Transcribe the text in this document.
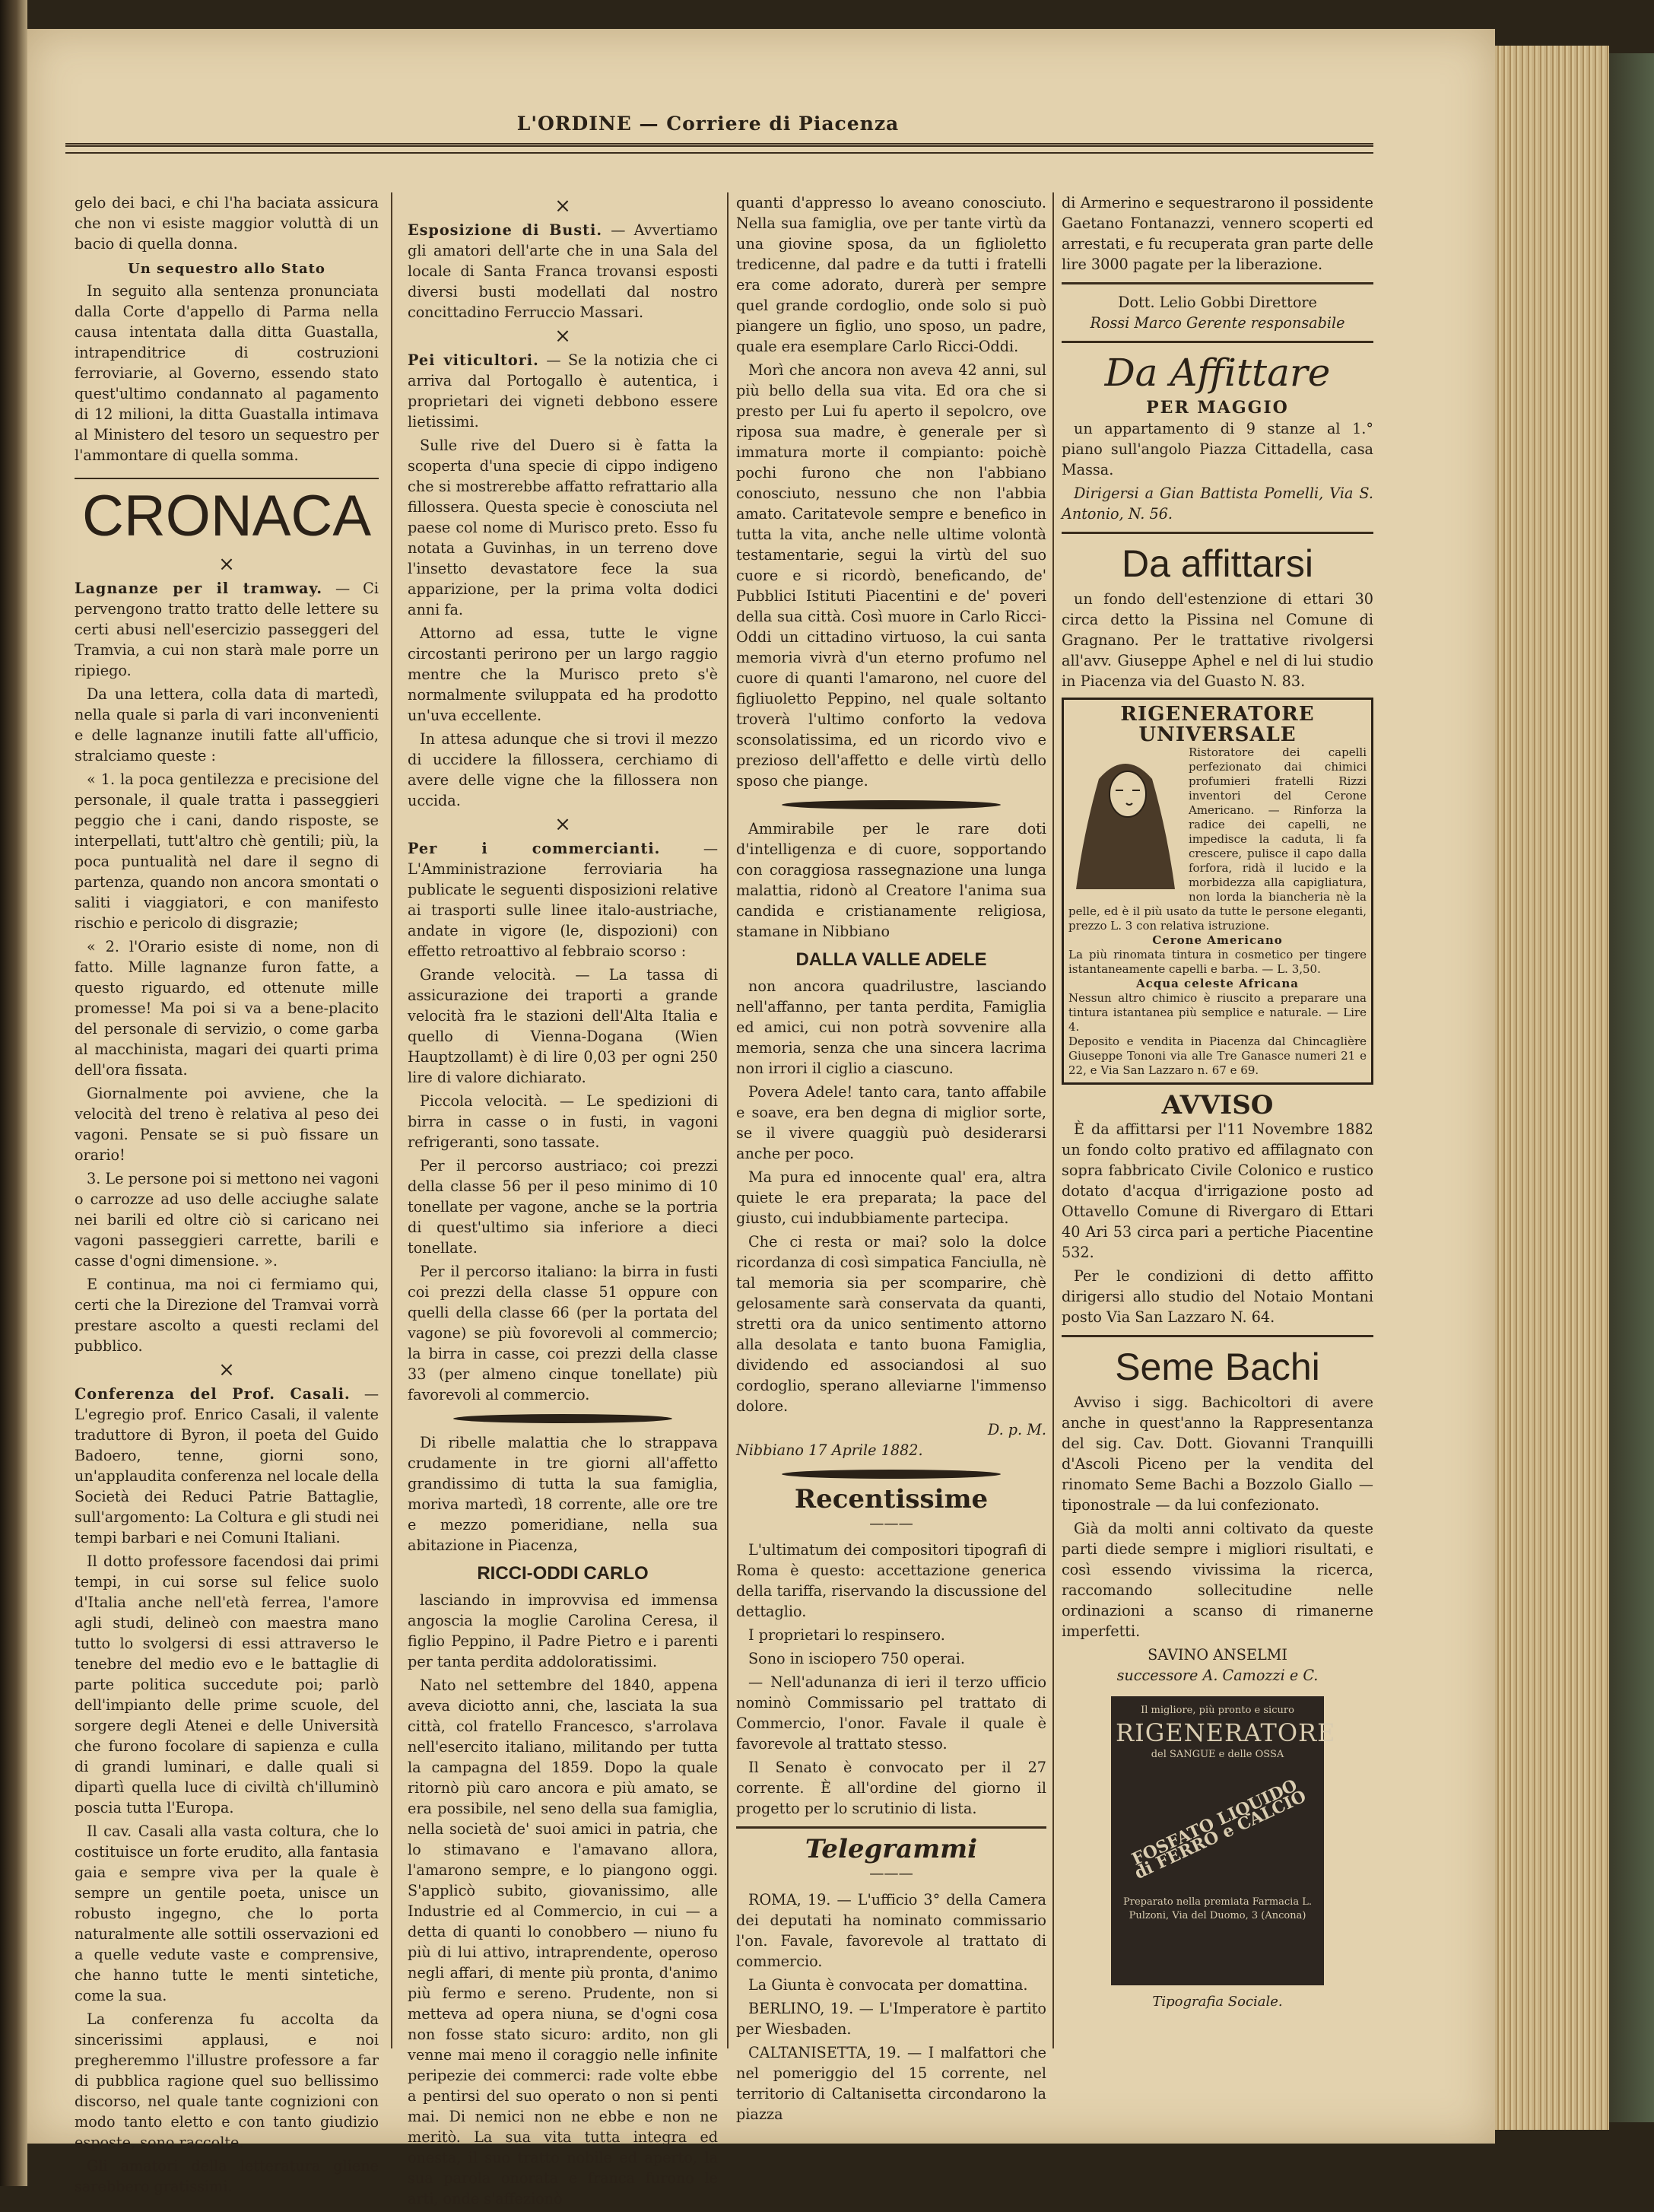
L'ORDINE — Corriere di Piacenza

gelo dei baci, e chi l'ha baciata assicura che non vi esiste maggior voluttà di un bacio di quella donna.

Un sequestro allo Stato

In seguito alla sentenza pronunciata dalla Corte d'appello di Parma nella causa intentata dalla ditta Guastalla, intrapenditrice di costruzioni ferroviarie, al Governo, essendo stato quest'ultimo condannato al pagamento di 12 milioni, la ditta Guastalla intimava al Ministero del tesoro un sequestro per l'ammontare di quella somma.

CRONACA
×

Lagnanze per il tramway. — Ci pervengono tratto tratto delle lettere su certi abusi nell'esercizio passeggeri del Tramvia, a cui non starà male porre un ripiego.

Da una lettera, colla data di martedì, nella quale si parla di vari inconvenienti e delle lagnanze inutili fatte all'ufficio, stralciamo queste :

« 1. la poca gentilezza e precisione del personale, il quale tratta i passeggieri peggio che i cani, dando risposte, se interpellati, tutt'altro chè gentili; più, la poca puntualità nel dare il segno di partenza, quando non ancora smontati o saliti i viaggiatori, e con manifesto rischio e pericolo di disgrazie;

« 2. l'Orario esiste di nome, non di fatto. Mille lagnanze furon fatte, a questo riguardo, ed ottenute mille promesse! Ma poi si va a bene-placito del personale di servizio, o come garba al macchinista, magari dei quarti prima dell'ora fissata.

Giornalmente poi avviene, che la velocità del treno è relativa al peso dei vagoni. Pensate se si può fissare un orario!

3. Le persone poi si mettono nei vagoni o carrozze ad uso delle acciughe salate nei barili ed oltre ciò si caricano nei vagoni passeggieri carrette, barili e casse d'ogni dimensione. ».

E continua, ma noi ci fermiamo qui, certi che la Direzione del Tramvai vorrà prestare ascolto a questi reclami del pubblico.

×

Conferenza del Prof. Casali. — L'egregio prof. Enrico Casali, il valente traduttore di Byron, il poeta del Guido Badoero, tenne, giorni sono, un'applaudita conferenza nel locale della Società dei Reduci Patrie Battaglie, sull'argomento: La Coltura e gli studi nei tempi barbari e nei Comuni Italiani.

Il dotto professore facendosi dai primi tempi, in cui sorse sul felice suolo d'Italia anche nell'età ferrea, l'amore agli studi, delineò con maestra mano tutto lo svolgersi di essi attraverso le tenebre del medio evo e le battaglie di parte politica succedute poi; parlò dell'impianto delle prime scuole, del sorgere degli Atenei e delle Università che furono focolare di sapienza e culla di grandi luminari, e dalle quali si dipartì quella luce di civiltà ch'illuminò poscia tutta l'Europa.

Il cav. Casali alla vasta coltura, che lo costituisce un forte erudito, alla fantasia gaia e sempre viva per la quale è sempre un gentile poeta, unisce un robusto ingegno, che lo porta naturalmente alle sottili osservazioni ed a quelle vedute vaste e comprensive, che hanno tutte le menti sintetiche, come la sua.

La conferenza fu accolta da sincerissimi applausi, e noi pregheremmo l'illustre professore a far di pubblica ragione quel suo bellissimo discorso, nel quale tante cognizioni con modo tanto eletto e con tanto giudizio esposte, sono raccolte.

Gli amatori della letteratura gliene sarebbero gratissimi.

×

Esposizione di Busti. — Avvertiamo gli amatori dell'arte che in una Sala del locale di Santa Franca trovansi esposti diversi busti modellati dal nostro concittadino Ferruccio Massari.

×

Pei viticultori. — Se la notizia che ci arriva dal Portogallo è autentica, i proprietari dei vigneti debbono essere lietissimi.

Sulle rive del Duero si è fatta la scoperta d'una specie di cippo indigeno che si mostrerebbe affatto refrattario alla fillossera. Questa specie è conosciuta nel paese col nome di Murisco preto. Esso fu notata a Guvinhas, in un terreno dove l'insetto devastatore fece la sua apparizione, per la prima volta dodici anni fa.

Attorno ad essa, tutte le vigne circostanti perirono per un largo raggio mentre che la Murisco preto s'è normalmente sviluppata ed ha prodotto un'uva eccellente.

In attesa adunque che si trovi il mezzo di uccidere la fillossera, cerchiamo di avere delle vigne che la fillossera non uccida.

×

Per i commercianti.	— L'Amministrazione ferroviaria ha publicate le seguenti disposizioni relative ai trasporti sulle linee italo-austriache, andate in vigore (le, dispozioni) con effetto retroattivo al febbraio scorso :

Grande velocità. — La tassa di assicurazione dei traporti a grande velocità fra le stazioni dell'Alta Italia e quello di Vienna-Dogana (Wien Hauptzollamt) è di lire 0,03 per ogni 250 lire di valore dichiarato.

Piccola velocità. — Le spedizioni di birra in casse o in fusti, in vagoni refrigeranti, sono tassate.

Per il percorso austriaco; coi prezzi della classe 56 per il peso minimo di 10 tonellate per vagone, anche se la portria di quest'ultimo sia inferiore a dieci tonellate.

Per il percorso italiano: la birra in fusti coi prezzi della classe 51 oppure con quelli della classe 66 (per la portata del vagone) se più fovorevoli al commercio; la birra in casse, coi prezzi della classe 33 (per almeno cinque tonellate) più favorevoli al commercio.

Di ribelle malattia che lo strappava crudamente in tre giorni all'affetto grandissimo di tutta la sua famiglia, moriva martedì, 18 corrente, alle ore tre e mezzo pomeridiane, nella sua abitazione in Piacenza,

RICCI-ODDI CARLO

lasciando in improvvisa ed immensa angoscia la moglie Carolina Ceresa, il figlio Peppino, il Padre Pietro e i parenti per tanta perdita addoloratissimi.

Nato nel settembre del 1840, appena aveva diciotto anni, che, lasciata la sua città, col fratello Francesco, s'arrolava nell'esercito italiano, militando per tutta la campagna del 1859. Dopo la quale ritornò più caro ancora e più amato, se era possibile, nel seno della sua famiglia, nella società de' suoi amici in patria, che lo stimavano e l'amavano allora, l'amarono sempre, e lo piangono oggi. S'applicò subito, giovanissimo, alle Industrie ed al Commercio, in cui — a detta di quanti lo conobbero — niuno fu più di lui attivo, intraprendente, operoso negli affari, di mente più pronta, d'animo più fermo e sereno. Prudente, non si metteva ad opera niuna, se d'ogni cosa non fosse stato sicuro: ardito, non gli venne mai meno il coraggio nelle infinite peripezie dei commerci: rade volte ebbe a pentirsi del suo operato o non si penti mai. Di nemici non ne ebbe e non ne meritò. La sua vita tutta integra ed onesta, il suo tratto nobile ed aperto, la sua parola onorata e franca furono le arti, onde s'affezionò

quanti d'appresso lo aveano conosciuto. Nella sua famiglia, ove per tante virtù da una giovine sposa, da un figlioletto tredicenne, dal padre e da tutti i fratelli era come adorato, durerà per sempre quel grande cordoglio, onde solo si può piangere un figlio, uno sposo, un padre, quale era esemplare Carlo Ricci-Oddi.

Morì che ancora non aveva 42 anni, sul più bello della sua vita. Ed ora che si presto per Lui fu aperto il sepolcro, ove riposa sua madre, è generale per sì immatura morte il compianto: poichè pochi furono che non l'abbiano conosciuto, nessuno che non l'abbia amato. Caritatevole sempre e benefico in tutta la vita, anche nelle ultime volontà testamentarie, segui la virtù del suo cuore e si ricordò, beneficando, de' Pubblici Istituti Piacentini e de' poveri della sua città. Così muore in Carlo Ricci-Oddi un cittadino virtuoso, la cui santa memoria vivrà d'un eterno profumo nel cuore di quanti l'amarono, nel cuore del figliuoletto Peppino, nel quale soltanto troverà l'ultimo conforto la vedova sconsolatissima, ed un ricordo vivo e prezioso dell'affetto e delle virtù dello sposo che piange.

Ammirabile per le rare doti d'intelligenza e di cuore, sopportando con coraggiosa rassegnazione una lunga malattia, ridonò al Creatore l'anima sua candida e cristianamente religiosa, stamane in Nibbiano

DALLA VALLE ADELE

non ancora quadrilustre, lasciando nell'affanno, per tanta perdita, Famiglia ed amici, cui non potrà sovvenire alla memoria, senza che una sincera lacrima non irrori il ciglio a ciascuno.

Povera Adele! tanto cara, tanto affabile e soave, era ben degna di miglior sorte, se il vivere quaggiù può desiderarsi anche per poco.

Ma pura ed innocente qual' era, altra quiete le era preparata; la pace del giusto, cui indubbiamente partecipa.

Che ci resta or mai? solo la dolce ricordanza di così simpatica Fanciulla, nè tal memoria sia per scomparire, chè gelosamente sarà conservata da quanti, stretti ora da unico sentimento attorno alla desolata e tanto buona Famiglia, dividendo ed associandosi al suo cordoglio, sperano alleviarne l'immenso dolore.

D. p. M.
Nibbiano 17 Aprile 1882.
Recentissime
———

L'ultimatum dei compositori tipografi di Roma è questo: accettazione generica della tariffa, riservando la discussione del dettaglio.

I proprietari lo respinsero.

Sono in isciopero 750 operai.

— Nell'adunanza di ieri il terzo ufficio nominò Commissario pel trattato di Commercio, l'onor. Favale il quale è favorevole al trattato stesso.

Il Senato è convocato per il 27 corrente. È all'ordine del giorno il progetto per lo scrutinio di lista.

Telegrammi
———

ROMA, 19. — L'ufficio 3° della Camera dei deputati ha nominato commissario l'on. Favale, favorevole al trattato di commercio.

La Giunta è convocata per domattina.

BERLINO, 19. — L'Imperatore è partito per Wiesbaden.

CALTANISETTA, 19. — I malfattori che nel pomeriggio del 15 corrente, nel territorio di Caltanisetta circondarono la piazza

di Armerino e sequestrarono il possidente Gaetano Fontanazzi, vennero scoperti ed arrestati, e fu recuperata gran parte delle lire 3000 pagate per la liberazione.

Dott. Lelio Gobbi Direttore
Rossi Marco Gerente responsabile
Da Affittare
PER MAGGIO

un appartamento di 9 stanze al 1.° piano sull'angolo Piazza Cittadella, casa Massa.

Dirigersi a Gian Battista Pomelli, Via S. Antonio, N. 56.

Da affittarsi

un fondo dell'estenzione di ettari 30 circa detto la Pissina nel Comune di Gragnano. Per le trattative rivolgersi all'avv. Giuseppe Aphel e nel di lui studio in Piacenza via del Guasto N. 83.

RIGENERATORE UNIVERSALE
Ristoratore dei capelli perfezionato dai chimici profumieri fratelli Rizzi inventori del Cerone Americano. — Rinforza la radice dei capelli, ne impedisce la caduta, li fa crescere, pulisce il capo dalla forfora, ridà il lucido e la morbidezza alla capigliatura, non lorda la biancheria nè la pelle, ed è il più usato da tutte le persone eleganti, prezzo L. 3 con relativa istruzione.
Cerone Americano
La più rinomata tintura in cosmetico per tingere istantaneamente capelli e barba. — L. 3,50.
Acqua celeste Africana
Nessun altro chimico è riuscito a preparare una tintura istantanea più semplice e naturale. — Lire 4.
Deposito e vendita in Piacenza dal Chincaglière Giuseppe Tononi via alle Tre Ganasce numeri 21 e 22, e Via San Lazzaro n. 67 e 69.
AVVISO

È da affittarsi per l'11 Novembre 1882 un fondo colto prativo ed affilagnato con sopra fabbricato Civile Colonico e rustico dotato d'acqua d'irrigazione posto ad Ottavello Comune di Rivergaro di Ettari 40 Ari 53 circa pari a pertiche Piacentine 532.

Per le condizioni di detto affitto dirigersi allo studio del Notaio Montani posto Via San Lazzaro N. 64.

Seme Bachi

Avviso i sigg. Bachicoltori di avere anche in quest'anno la Rappresentanza del sig. Cav. Dott. Giovanni Tranquilli d'Ascoli Piceno per la vendita del rinomato Seme Bachi a Bozzolo Giallo — tiponostrale — da lui confezionato.

Già da molti anni coltivato da queste parti diede sempre i migliori risultati, e così essendo vivissima la ricerca, raccomando sollecitudine nelle ordinazioni a scanso di rimanerne imperfetti.

SAVINO ANSELMI
successore A. Camozzi e C.
Il migliore, più pronto e sicuro
RIGENERATORE
del SANGUE e delle OSSA
FOSFATO LIQUIDO di FERRO e CALCIO
Preparato nella premiata Farmacia L. Pulzoni, Via del Duomo, 3 (Ancona)
Tipografia Sociale.
